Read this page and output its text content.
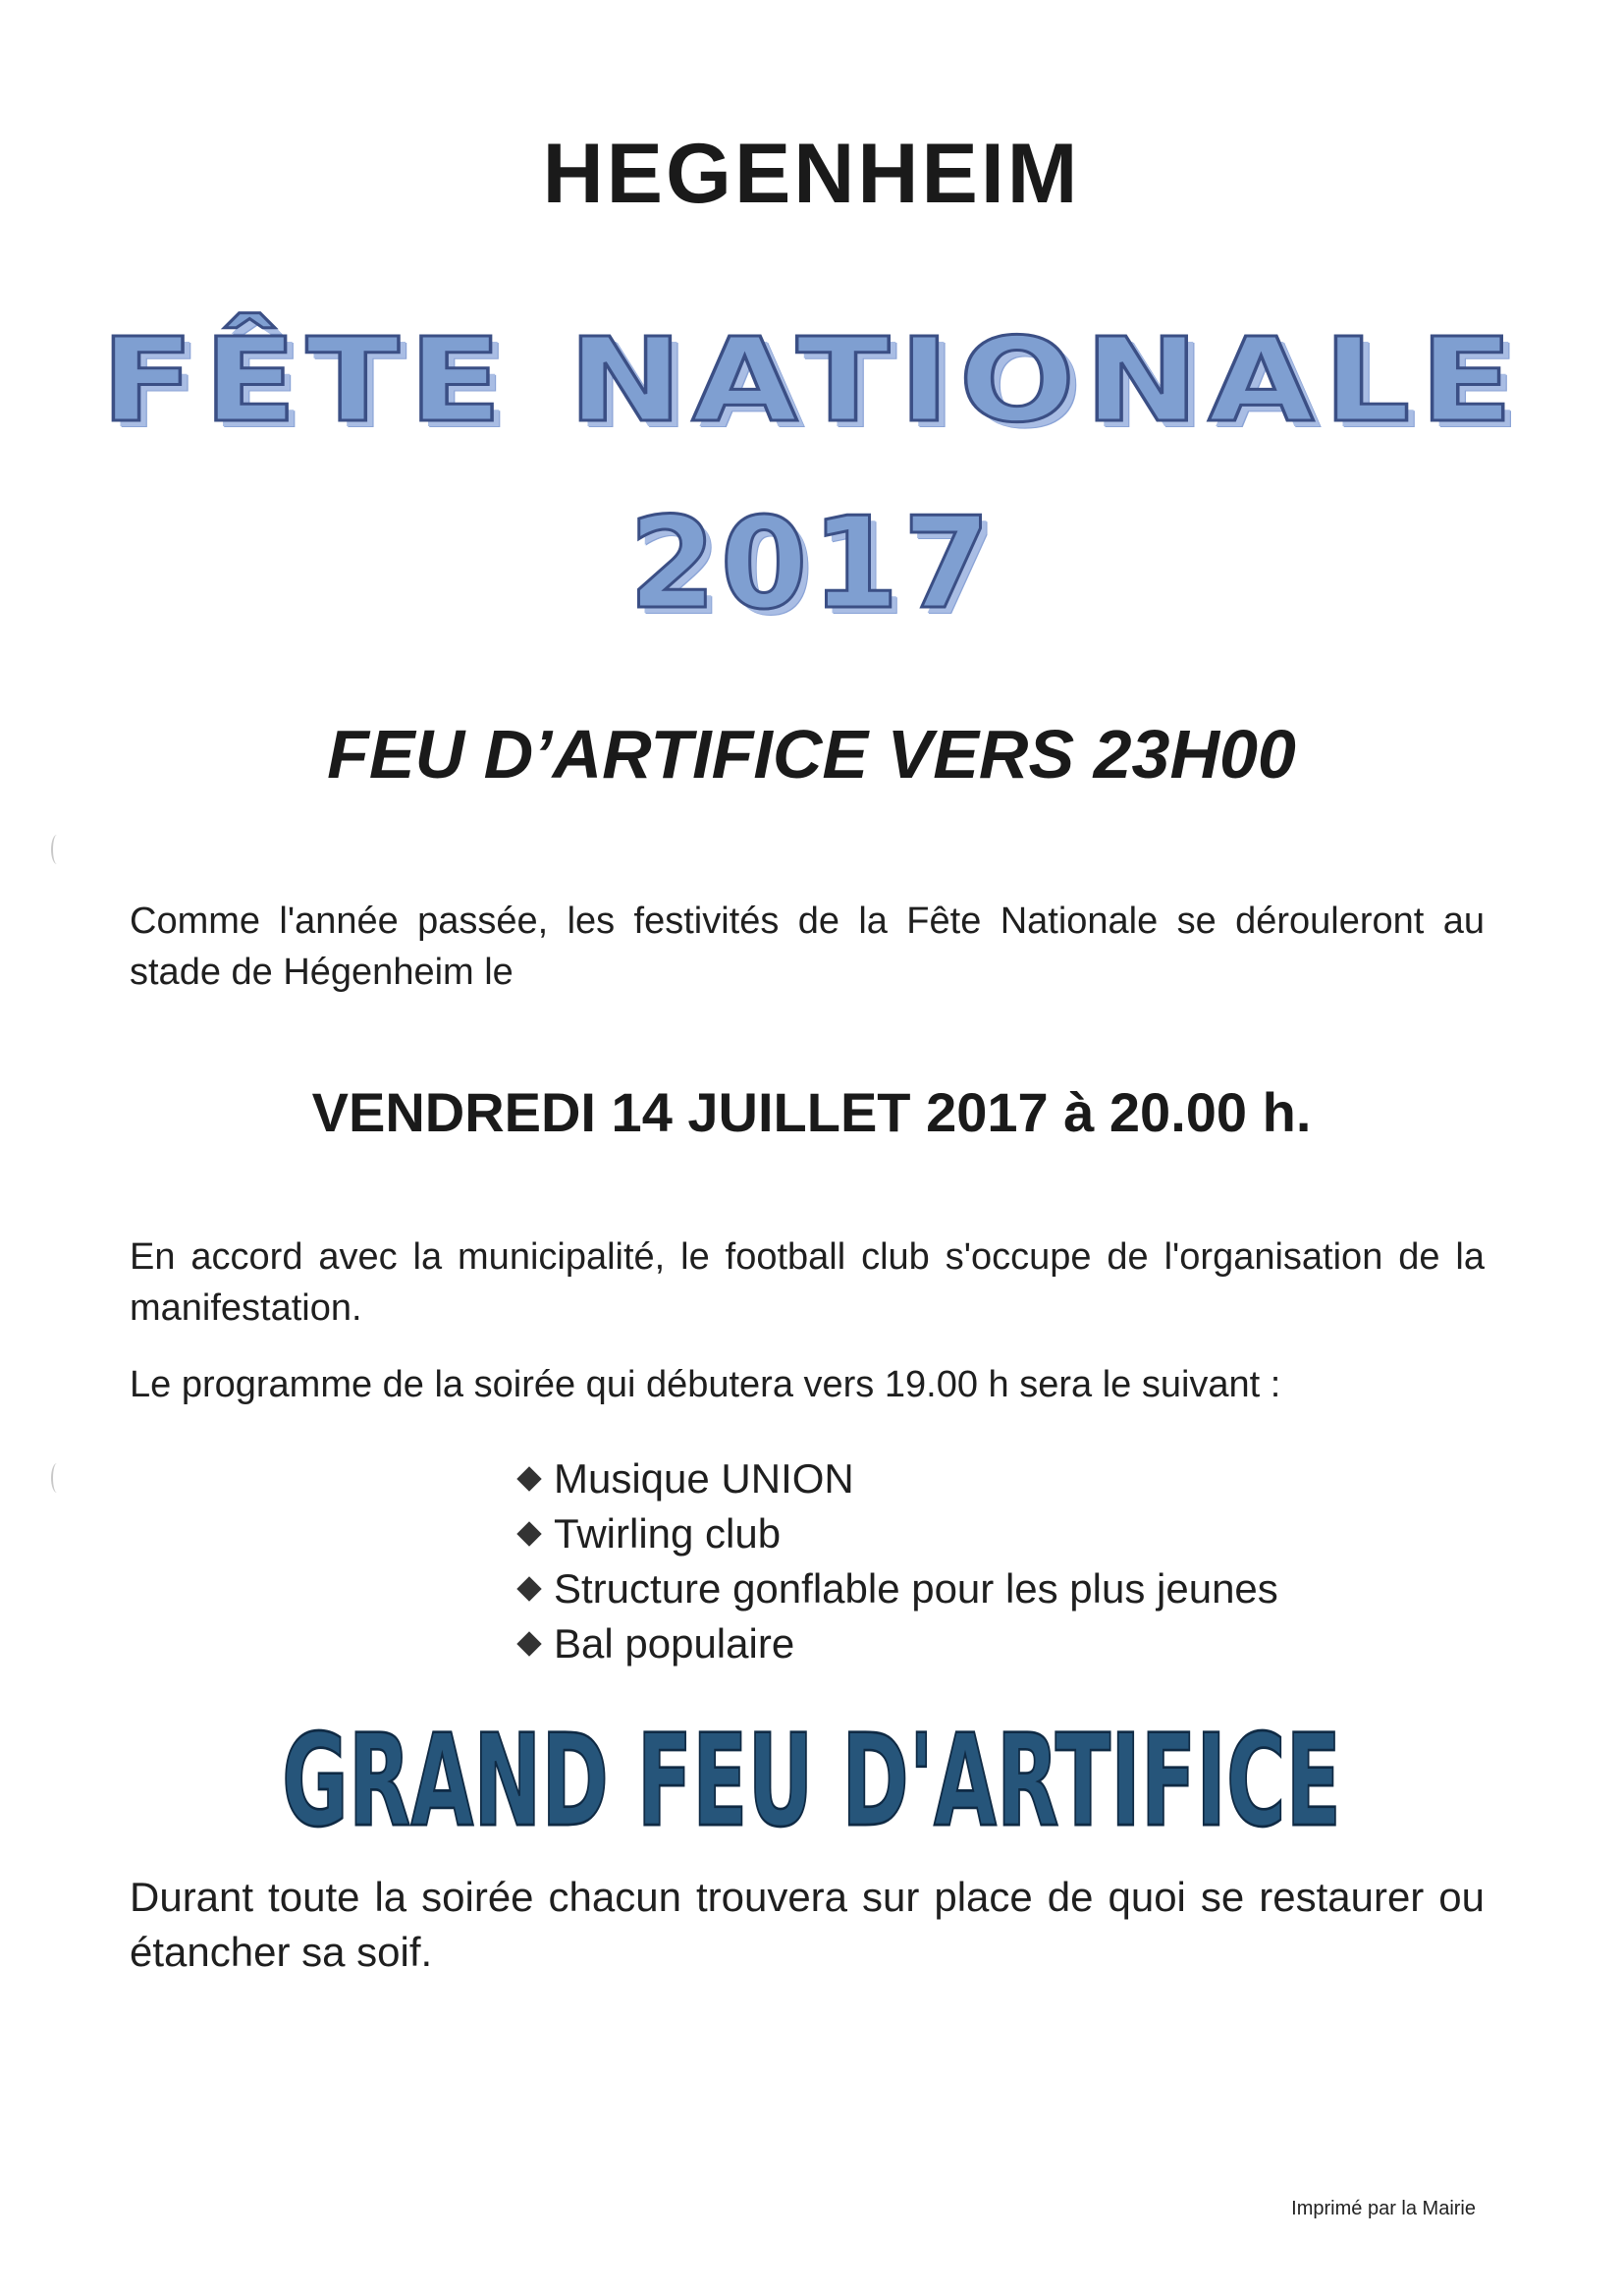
HEGENHEIM
FÊTE NATIONALE
2017
FEU D’ARTIFICE VERS 23H00
Comme l'année passée, les festivités de la Fête Nationale se dérouleront au stade de Hégenheim le
VENDREDI 14 JUILLET 2017 à 20.00 h.
En accord avec la municipalité, le football club s'occupe de l'organisation de la manifestation.
Le programme de la soirée qui débutera vers 19.00 h sera le suivant :
Musique UNION
Twirling club
Structure gonflable pour les plus jeunes
Bal populaire
GRAND FEU D'ARTIFICE
Durant toute la soirée chacun trouvera sur place de quoi se restaurer ou étancher sa soif.
Imprimé par la Mairie
